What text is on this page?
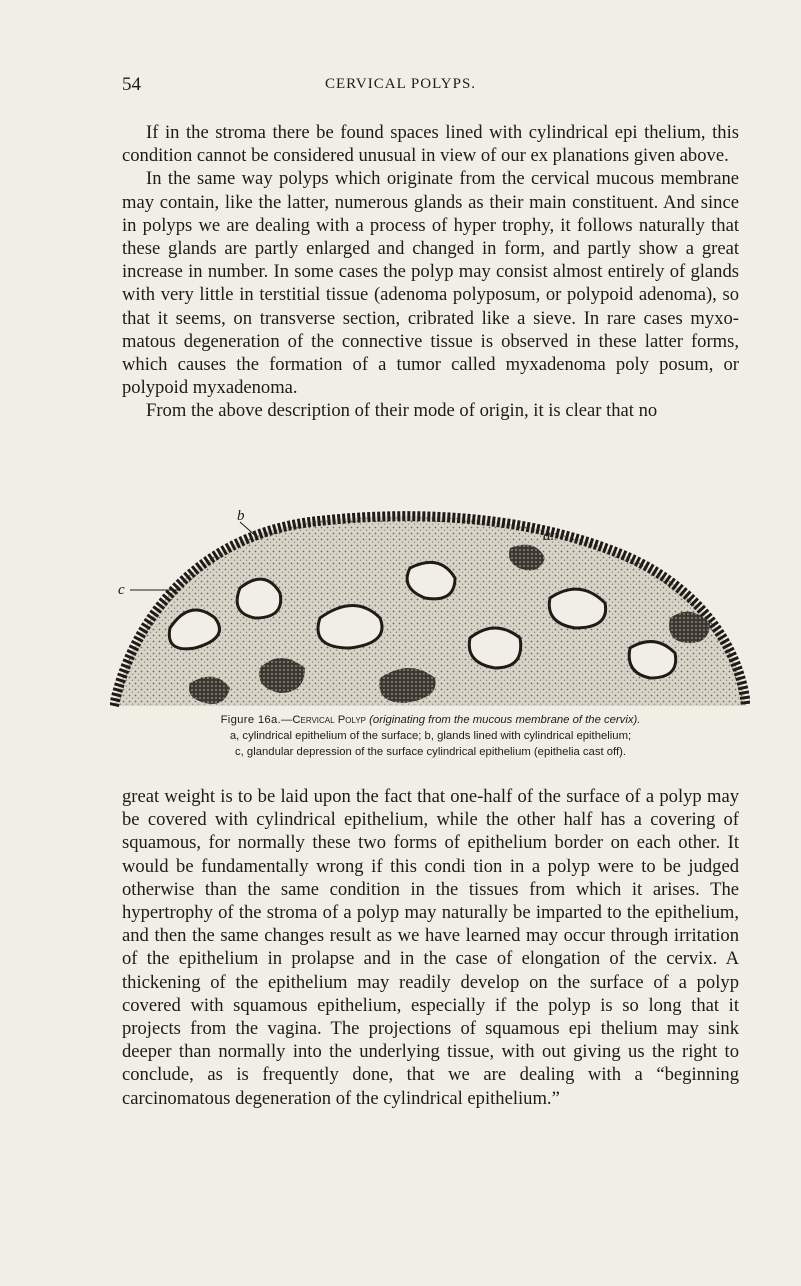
54	CERVICAL POLYPS.

If in the stroma there be found spaces lined with cylindrical epi thelium, this condition cannot be considered unusual in view of our ex planations given above.

In the same way polyps which originate from the cervical mucous membrane may contain, like the latter, numerous glands as their main constituent. And since in polyps we are dealing with a process of hyper trophy, it follows naturally that these glands are partly enlarged and changed in form, and partly show a great increase in number. In some cases the polyp may consist almost entirely of glands with very little in terstitial tissue (adenoma polyposum, or polypoid adenoma), so that it seems, on transverse section, cribrated like a sieve. In rare cases myxo matous degeneration of the connective tissue is observed in these latter forms, which causes the formation of a tumor called myxadenoma poly posum, or polypoid myxadenoma.

From the above description of their mode of origin, it is clear that no

b
a.
c
Figure 16a.—Cervical Polyp (originating from the mucous membrane of the cervix).
a, cylindrical epithelium of the surface; b, glands lined with cylindrical epithelium;
c, glandular depression of the surface cylindrical epithelium (epithelia cast off).

great weight is to be laid upon the fact that one-half of the surface of a polyp may be covered with cylindrical epithelium, while the other half has a covering of squamous, for normally these two forms of epithelium border on each other. It would be fundamentally wrong if this condi tion in a polyp were to be judged otherwise than the same condition in the tissues from which it arises. The hypertrophy of the stroma of a polyp may naturally be imparted to the epithelium, and then the same changes result as we have learned may occur through irritation of the epithelium in prolapse and in the case of elongation of the cervix. A thickening of the epithelium may readily develop on the surface of a polyp covered with squamous epithelium, especially if the polyp is so long that it projects from the vagina. The projections of squamous epi thelium may sink deeper than normally into the underlying tissue, with out giving us the right to conclude, as is frequently done, that we are dealing with a “beginning carcinomatous degeneration of the cylindrical epithelium.”
